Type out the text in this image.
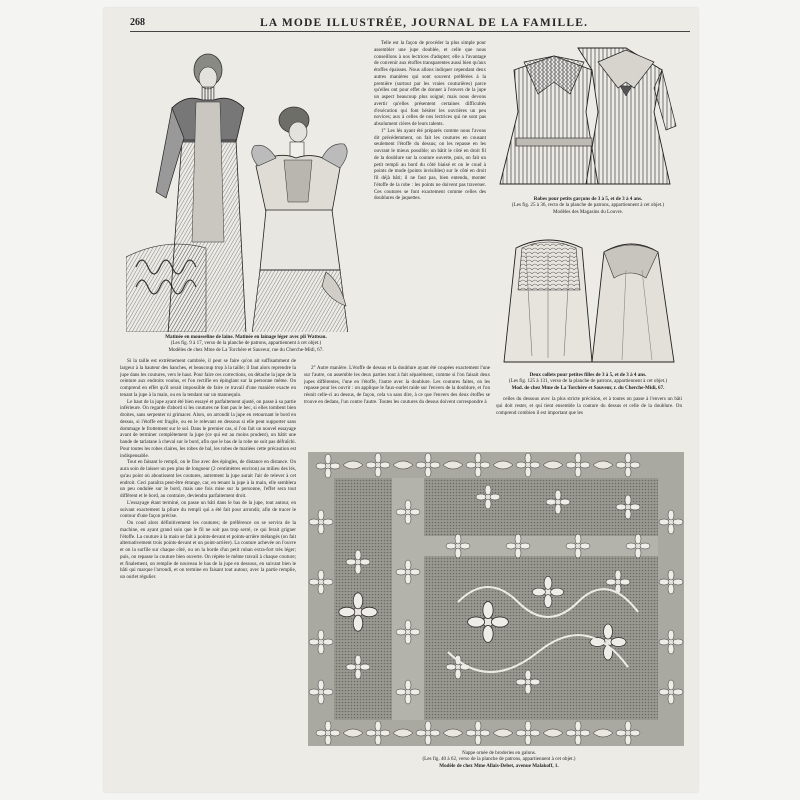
268	LA MODE ILLUSTRÉE, JOURNAL DE LA FAMILLE.
Matinée en mousseline de laine. Matinée en lainage léger avec pli Watteau.
(Les fig. 9 à 17, verso de la planche de patrons, appartiennent à cet objet.)
Modèles de chez Mme de La Torchère et Sauveur, rue du Cherche-Midi, 67.

Telle est la façon de procéder la plus simple pour assembler une jupe doublée, et celle que nous conseillons à nos lectrices d'adopter; elle a l'avantage de convenir aux étoffes transparentes aussi bien qu'aux étoffes épaisses. Nous allons indiquer cependant deux autres manières qui sont souvent préférées à la première (surtout par les vraies couturières) parce qu'elles ont pour effet de donner à l'envers de la jupe un aspect beaucoup plus soigné; mais nous devons avertir qu'elles présentent certaines difficultés d'exécution qui font hésiter les ouvrières un peu novices; aux à celles de nos lectrices qui ne sont pas absolument cières de leurs talents.

1° Les lés ayant été préparés comme nous l'avons dit précédemment, on fait les coutures en cousant seulement l'étoffe du dessus; on les repasse en les ouvrant le mieux possible; on bâtit le côté en droit fil de la doublure sur la couture ouverte, puis, on fait un petit rempli au bord du côté biaisé et on le coud à points de mode (points invisibles) sur le côté en droit fil déjà bâti; il ne faut pas, bien entendu, monter l'étoffe de la robe : les points ne doivent pas traverser. Ces coutures se font exactement comme celles des doublures de jaquettes.	Robes pour petits garçons de 3 à 5, et de 3 à 4 ans.
(Les fig. 25 à 36, recto de la planche de patrons, appartiennent à cet objet.)
Modèles des Magasins du Louvre.
Deux collets pour petites filles de 3 à 5, et de 3 à 4 ans.
(Les fig. 125 à 131, verso de la planche de patrons, appartiennent à cet objet.)
Mod. de chez Mme de La Torchère et Sauveur, r. du Cherche-Midi, 67.

Si la taille est extrêmement cambrée, il peut se faire qu'on ait suffisamment de largeur à la hauteur des hanches, et beaucoup trop à la taille; il faut alors reprendre la jupe dans les coutures, vers le haut. Pour faire ces corrections, on détache la jupe de la ceinture aux endroits voulus, et l'on rectifie en épinglant sur la personne même. On comprend en effet qu'il serait impossible de faire ce travail d'une manière exacte en tenant la jupe à la main, ou en la tendant sur un mannequin.

Le haut de la jupe ayant été bien essayé et parfaitement ajusté, on passe à sa partie inférieure. On regarde d'abord si les coutures ne font pas le bec, si elles tombent bien droites, sans serpenter ni grimacer. Alors, on arrondit la jupe en retournant le bord en dessus, si l'étoffe est fragile, ou en le relevant en dessous si elle peut supporter sans dommage le frottement sur le sol. Dans le premier cas, si l'on fait un nouvel essayage avant de terminer complètement la jupe (ce qui est au moins prudent), on bâtit une bande de tarlatane à cheval sur le bord, afin que le bas de la robe ne soit pas défraîchi. Pour toutes les robes claires, les robes de bal, les robes de mariées cette précaution est indispensable.

Tout en faisant le rempli, on le fixe avec des épingles, de distance en distance. On aura soin de laisser un peu plus de longueur (2 centimètres environ) au milieu des lés, qu'au point où aboutissent les coutures, autrement la jupe aurait l'air de relever à cet endroit. Ceci paraîtra peut-être étrange, car, en tenant la jupe à la main, elle semblera un peu ondulée sur le bord, mais une fois mise sur la personne, l'effet sera tout différent et le bord, au contraire, deviendra parfaitement droit.

L'essayage étant terminé, on passe un bâti dans le bas de la jupe, tout autour, en suivant exactement la pliure du rempli qui a été fait pour arrondir, afin de tracer le contour d'une façon précise.

On coud alors définitivement les coutures; de préférence on se servira de la machine, en ayant grand soin que le fil ne soit pas trop serré, ce qui ferait grigner l'étoffe. La couture à la main se fait à points-devant et points-arrière mélangés (on fait alternativement trois points-devant et un point-arrière). La couture achevée on l'ouvre et on la surfile sur chaque côté, ou on la borde d'un petit ruban extra-fort très léger; puis, on repasse la couture bien ouverte. On répète le même travail à chaque couture; et finalement, on remplie de nouveau le bas de la jupe en dessous, en suivant bien le bâti qui marque l'arrondi, et on termine en faisant tout autour, avec la partie remplie, un ourlet régulier.

2° Autre manière. L'étoffe de dessus et la doublure ayant été coupées exactement l'une sur l'autre, on assemble les deux parties tout à fait séparément, comme si l'on faisait deux jupes différentes, l'une en l'étoffe, l'autre avec la doublure. Les coutures faites, on les repasse pour les ouvrir : on applique le faux-ourlet raide sur l'envers de la doublure, et l'on réunit celle-ci au dessus, de façon, cela va sans dire, à ce que l'envers des deux étoffes se trouve en dedans, l'un contre l'autre. Toutes les coutures du dessus doivent correspondre à	celles du dessous avec la plus stricte précision, et à toutes on passe à l'envers un bâti qui doit rester, et qui tient ensemble la couture du dessus et celle de la doublure. On comprend combien il est important que les

Nappe ornée de broderies en galons.
(Les fig. 40 à 62, verso de la planche de patrons, appartiennent à cet objet.)
Modèle de chez Mme Allais-Debet, avenue Malakoff, 1.
